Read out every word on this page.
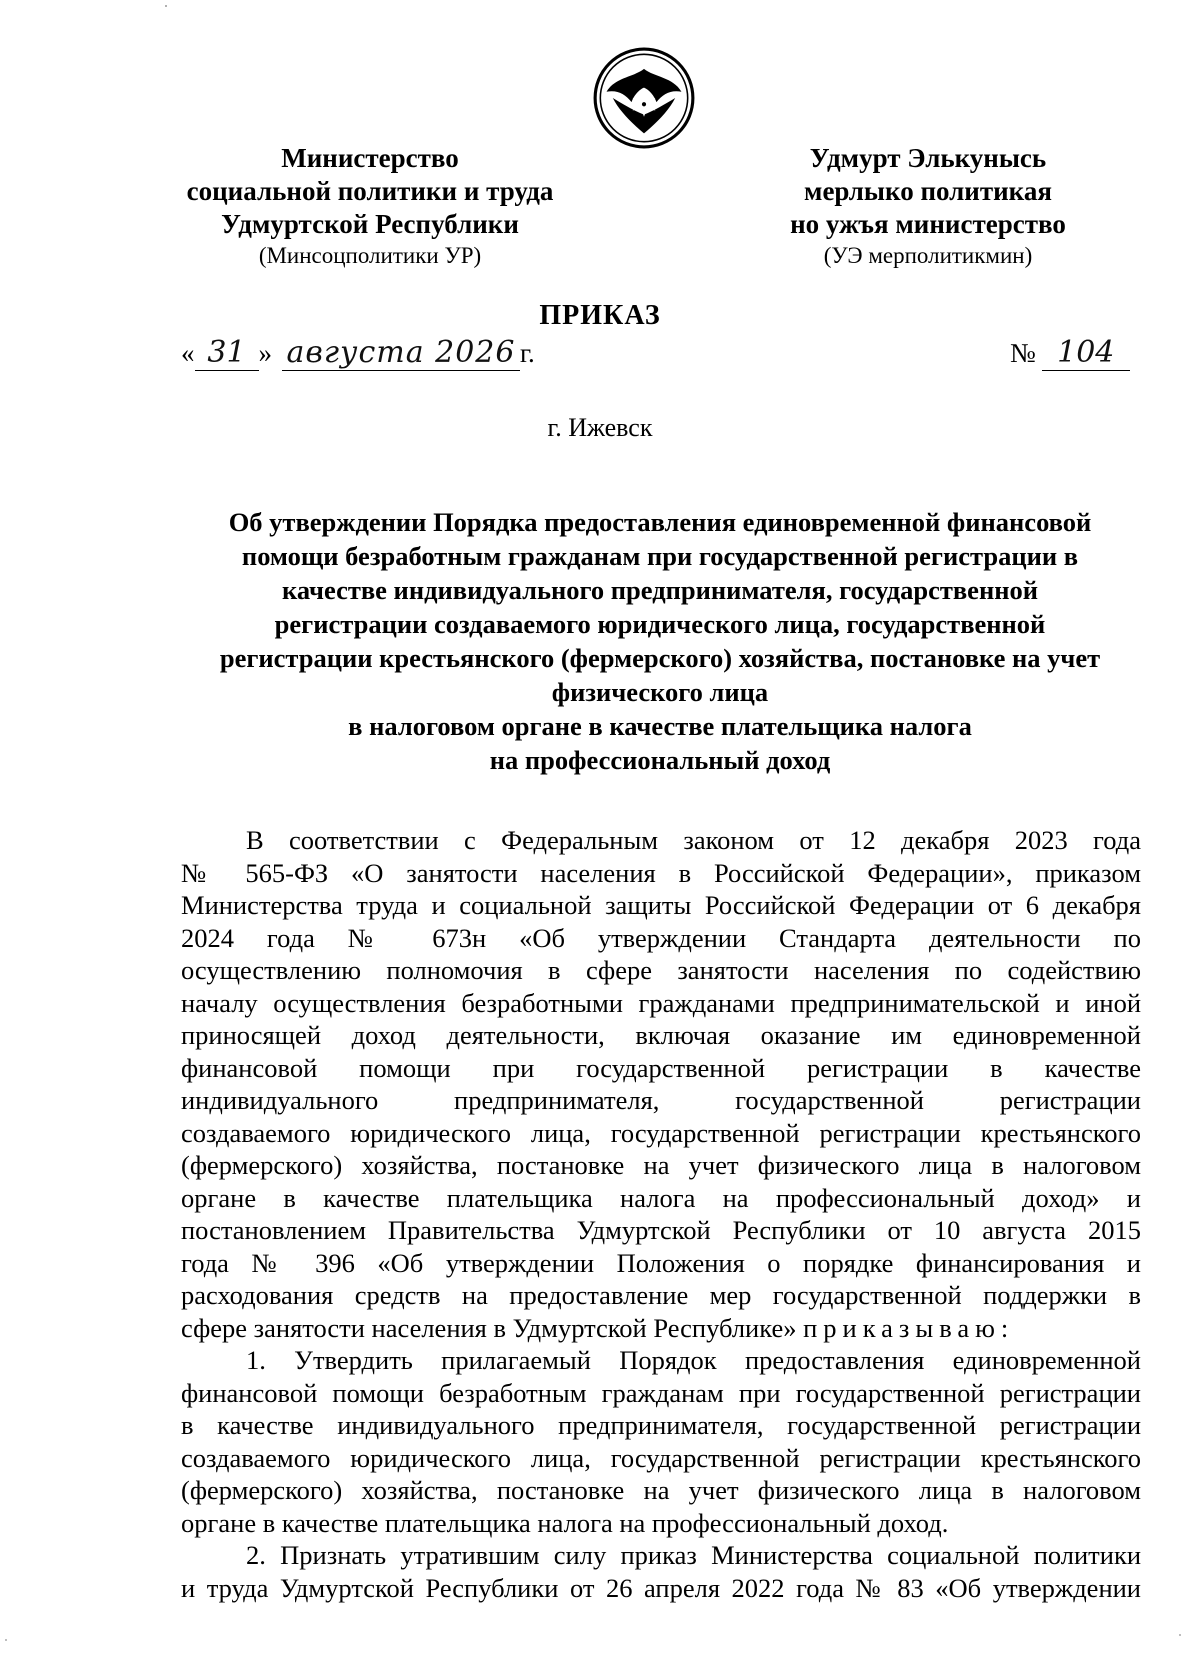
Министерство
социальной политики и труда
Удмуртской Республики
(Минсоцполитики УР)
Удмурт Элькунысь
мерлыко политикая
но ужъя министерство
(УЭ мерполитикмин)
ПРИКАЗ
« 31 » августа 2026 г.	№ 104
г. Ижевск
Об утверждении Порядка предоставления единовременной финансовой
помощи безработным гражданам при государственной регистрации в
качестве индивидуального предпринимателя, государственной
регистрации создаваемого юридического лица, государственной
регистрации крестьянского (фермерского) хозяйства, постановке на учет
физического лица
в налоговом органе в качестве плательщика налога
на профессиональный доход
В соответствии с Федеральным законом от 12 декабря 2023 года
№ 565-ФЗ «О занятости населения в Российской Федерации», приказом
Министерства труда и социальной защиты Российской Федерации от 6 декабря
2024 года № 673н «Об утверждении Стандарта деятельности по
осуществлению полномочия в сфере занятости населения по содействию
началу осуществления безработными гражданами предпринимательской и иной
приносящей доход деятельности, включая оказание им единовременной
финансовой помощи при государственной регистрации в качестве
индивидуального предпринимателя, государственной регистрации
создаваемого юридического лица, государственной регистрации крестьянского
(фермерского) хозяйства, постановке на учет физического лица в налоговом
органе в качестве плательщика налога на профессиональный доход» и
постановлением Правительства Удмуртской Республики от 10 августа 2015
года № 396 «Об утверждении Положения о порядке финансирования и
расходования средств на предоставление мер государственной поддержки в
сфере занятости населения в Удмуртской Республике» приказываю:
1. Утвердить прилагаемый Порядок предоставления единовременной
финансовой помощи безработным гражданам при государственной регистрации
в качестве индивидуального предпринимателя, государственной регистрации
создаваемого юридического лица, государственной регистрации крестьянского
(фермерского) хозяйства, постановке на учет физического лица в налоговом
органе в качестве плательщика налога на профессиональный доход.
2. Признать утратившим силу приказ Министерства социальной политики
и труда Удмуртской Республики от 26 апреля 2022 года № 83 «Об утверждении
